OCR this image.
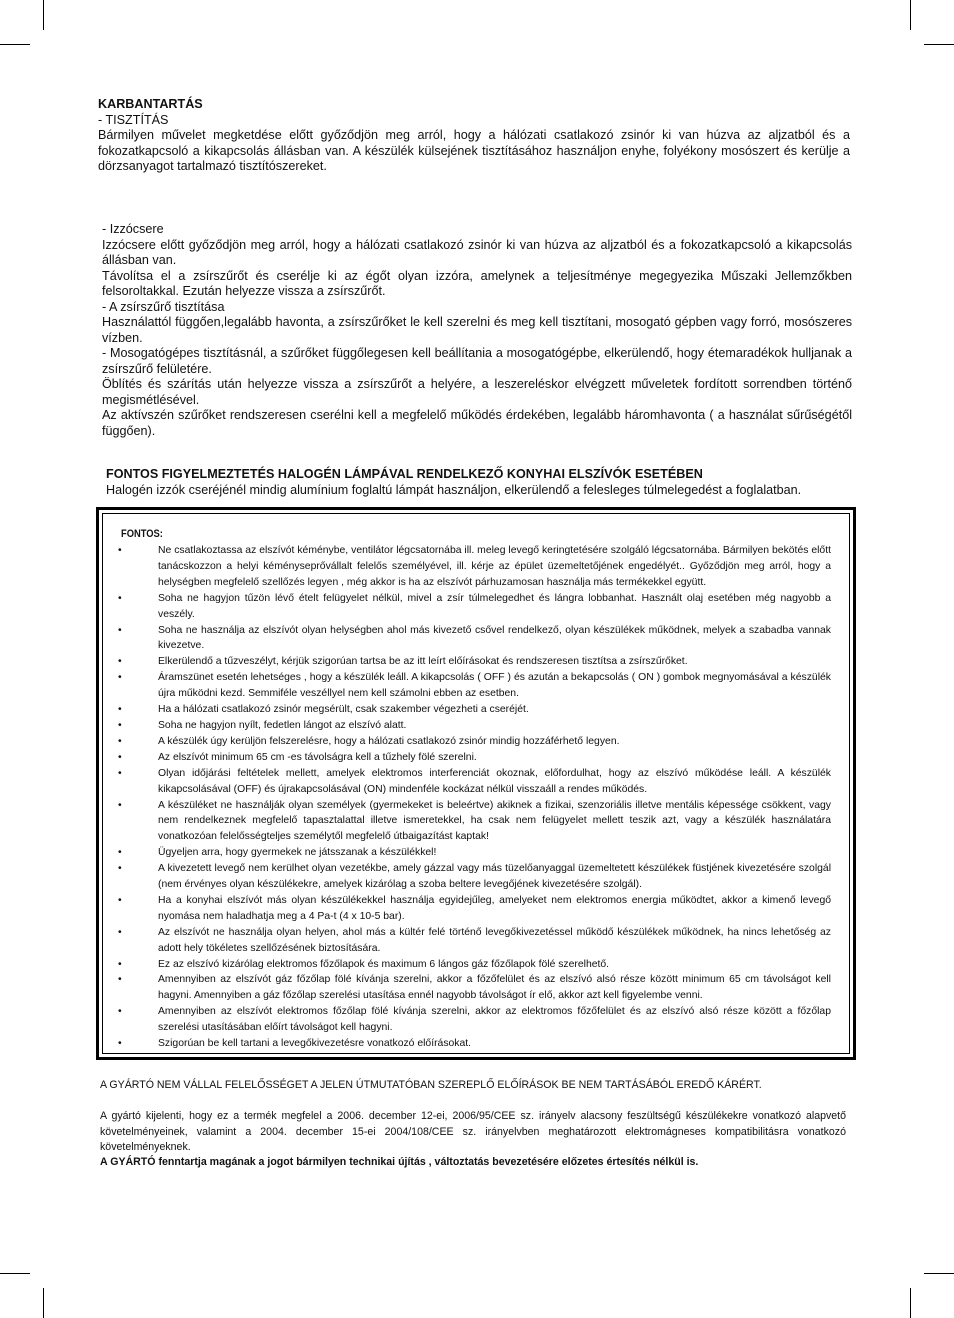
KARBANTARTÁS

- TISZTÍTÁS

Bármilyen művelet megketdése előtt győződjön meg arról, hogy a hálózati csatlakozó zsinór ki van húzva az aljzatból és a fokozatkapcsoló a kikapcsolás állásban van. A készülék külsejének tisztításához használjon enyhe, folyékony mosószert és kerülje a dörzsanyagot tartalmazó tisztítószereket.

- Izzócsere

Izzócsere előtt győződjön meg arról, hogy a hálózati csatlakozó zsinór ki van húzva az aljzatból és a fokozatkapcsoló a kikapcsolás állásban van.

Távolítsa el a zsírszűrőt és cserélje ki az égőt olyan izzóra, amelynek a teljesítménye megegyezika Műszaki Jellemzőkben felsoroltakkal. Ezután helyezze vissza a zsírszűrőt.

- A zsírszűrő tisztítása

Használattól függően,legalább havonta, a zsírszűrőket le kell szerelni és meg kell tisztítani, mosogató gépben vagy forró, mosószeres vízben.

- Mosogatógépes tisztításnál, a szűrőket függőlegesen kell beállítania a mosogatógépbe, elkerülendő, hogy étemaradékok hulljanak a zsírszűrő felületére.

Öblítés és szárítás után helyezze vissza a zsírszűrőt a helyére, a leszereléskor elvégzett műveletek fordított sorrendben történő megismétlésével.

Az aktívszén szűrőket rendszeresen cserélni kell a megfelelő működés érdekében, legalább háromhavonta ( a használat sűrűségétől függően).

FONTOS FIGYELMEZTETÉS HALOGÉN LÁMPÁVAL RENDELKEZŐ KONYHAI ELSZÍVÓK ESETÉBEN

Halogén izzók cseréjénél mindig alumínium foglaltú lámpát használjon, elkerülendő a felesleges túlmelegedést a foglalatban.

FONTOS:
•	Ne csatlakoztassa az elszívót kéménybe, ventilátor légcsatornába ill. meleg levegő keringtetésére szolgáló légcsatornába. Bármilyen bekötés előtt tanácskozzon a helyi kéményseprővállalt felelős személyével, ill. kérje az épület üzemeltetőjének engedélyét.. Győződjön meg arról, hogy a helységben megfelelő szellőzés legyen , még akkor is ha az elszívót párhuzamosan használja más termékekkel együtt.
•	Soha ne hagyjon tűzön lévő ételt felügyelet nélkül, mivel a zsír túlmelegedhet és lángra lobbanhat. Használt olaj esetében még nagyobb a veszély.
•	Soha ne használja az elszívót olyan helységben ahol más kivezető csővel rendelkező, olyan készülékek működnek, melyek a szabadba vannak kivezetve.
•	Elkerülendő a tűzveszélyt, kérjük szigorúan tartsa be az itt leírt előírásokat és rendszeresen tisztítsa a zsírszűrőket.
•	Áramszünet esetén lehetséges , hogy a készülék leáll. A kikapcsolás ( OFF ) és azután a bekapcsolás ( ON ) gombok megnyomásával a készülék újra működni kezd. Semmiféle veszéllyel nem kell számolni ebben az esetben.
•	Ha a hálózati csatlakozó zsinór megsérült, csak szakember végezheti a cseréjét.
•	Soha ne hagyjon nyílt, fedetlen lángot az elszívó alatt.
•	A készülék úgy kerüljön felszerelésre, hogy a hálózati csatlakozó zsinór mindig hozzáférhető legyen.
•	Az elszívót minimum 65 cm -es távolságra kell a tűzhely fölé szerelni.
•	Olyan időjárási feltételek mellett, amelyek elektromos interferenciát okoznak, előfordulhat, hogy az elszívó működése leáll. A készülék kikapcsolásával (OFF) és újrakapcsolásával (ON) mindenféle kockázat nélkül visszaáll a rendes működés.
•	A készüléket ne használják olyan személyek (gyermekeket is beleértve) akiknek a fizikai, szenzoriális illetve mentális képessége csökkent, vagy nem rendelkeznek megfelelő tapasztalattal illetve ismeretekkel, ha csak nem felügyelet mellett teszik azt, vagy a készülék használatára vonatkozóan felelősségteljes személytől megfelelő útbaigazítást kaptak!
•	Ügyeljen arra, hogy gyermekek ne játsszanak a készülékkel!
•	A kivezetett levegő nem kerülhet olyan vezetékbe, amely gázzal vagy más tüzelőanyaggal üzemeltetett készülékek füstjének kivezetésére szolgál (nem érvényes olyan készülékekre, amelyek kizárólag a szoba beltere levegőjének kivezetésére szolgál).
•	Ha a konyhai elszívót más olyan készülékekkel használja egyidejűleg, amelyeket nem elektromos energia működtet, akkor a kimenő levegő nyomása nem haladhatja meg a 4 Pa-t (4 x 10-5 bar).
•	Az elszívót ne használja olyan helyen, ahol más a kültér felé történő levegőkivezetéssel működő készülékek működnek, ha nincs lehetőség az adott hely tökéletes szellőzésének biztosítására.
•	Ez az elszívó kizárólag elektromos főzőlapok és maximum 6 lángos gáz főzőlapok fölé szerelhető.
•	Amennyiben az elszívót gáz főzőlap fölé kívánja szerelni, akkor a főzőfelület és az elszívó alsó része között minimum 65 cm távolságot kell hagyni. Amennyiben a gáz főzőlap szerelési utasítása ennél nagyobb távolságot ír elő, akkor azt kell figyelembe venni.
•	Amennyiben az elszívót elektromos főzőlap fölé kívánja szerelni, akkor az elektromos főzőfelület és az elszívó alsó része között a főzőlap szerelési utasításában előírt távolságot kell hagyni.
•	Szigorúan be kell tartani a levegőkivezetésre vonatkozó előírásokat.
A GYÁRTÓ NEM VÁLLAL FELELŐSSÉGET A JELEN ÚTMUTATÓBAN SZEREPLŐ ELŐÍRÁSOK BE NEM TARTÁSÁBÓL EREDŐ KÁRÉRT.
A gyártó kijelenti, hogy ez a termék megfelel a 2006. december 12-ei, 2006/95/CEE sz. irányelv alacsony feszültségű készülékekre vonatkozó alapvető követelményeinek, valamint a 2004. december 15-ei 2004/108/CEE sz. irányelvben meghatározott elektromágneses kompatibilitásra vonatkozó követelményeknek.
A GYÁRTÓ fenntartja magának a jogot bármilyen technikai újítás , változtatás bevezetésére előzetes értesítés nélkül is.
